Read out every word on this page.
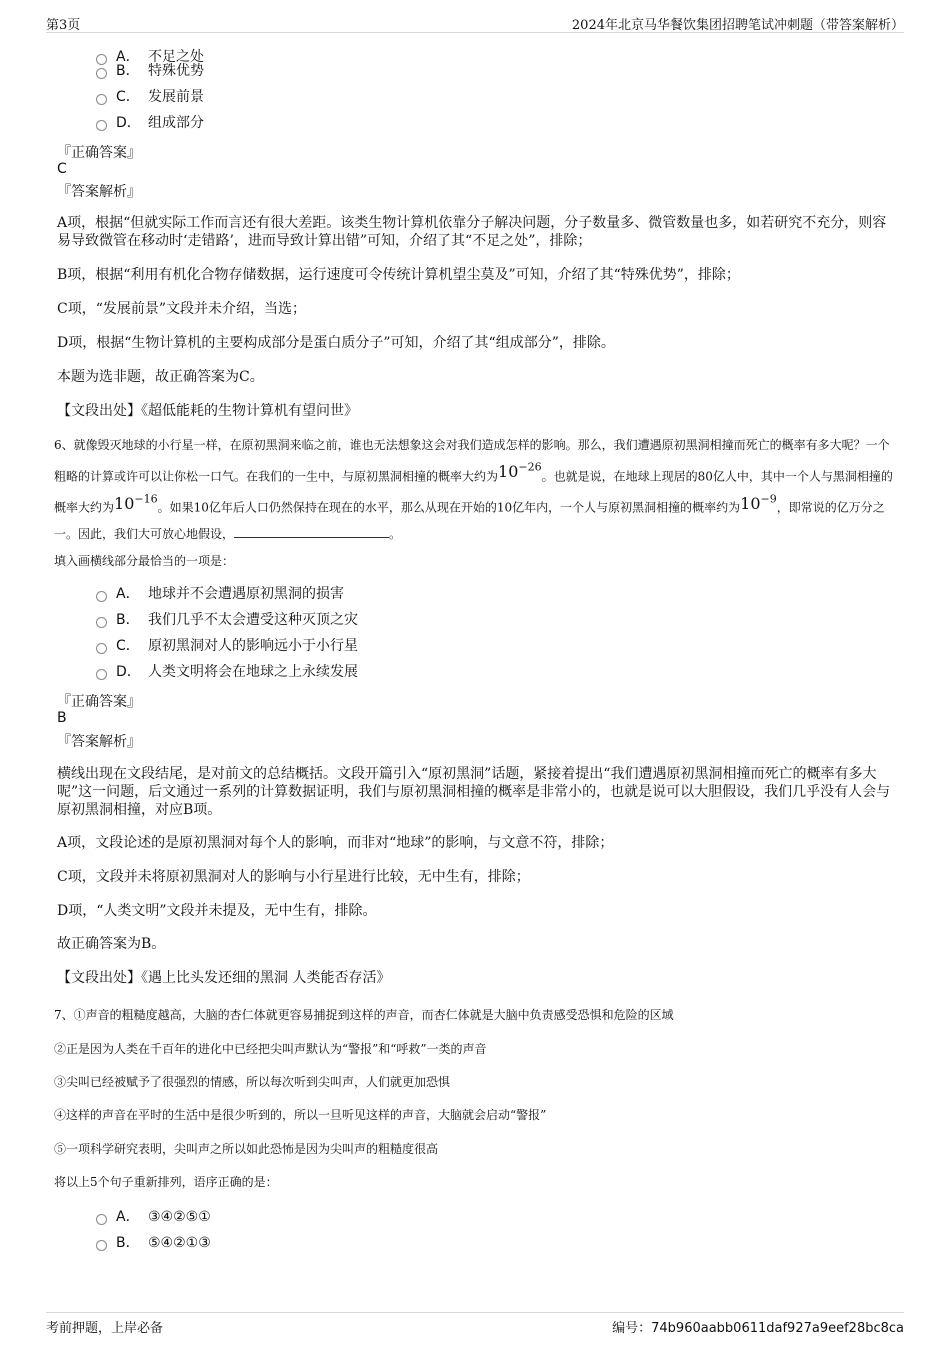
第3页	2024年北京马华餐饮集团招聘笔试冲刺题（带答案解析）
A． 不足之处
B． 特殊优势
C． 发展前景
D． 组成部分
『正确答案』
C
『答案解析』
A项，根据“但就实际工作而言还有很大差距。该类生物计算机依靠分子解决问题，分子数量多、微管数量也多，如若研究不充分，则容易导致微管在移动时‘走错路’，进而导致计算出错”可知，介绍了其“不足之处”，排除；
B项，根据“利用有机化合物存储数据，运行速度可令传统计算机望尘莫及”可知，介绍了其“特殊优势”，排除；
C项，“发展前景”文段并未介绍，当选；
D项，根据“生物计算机的主要构成部分是蛋白质分子”可知，介绍了其“组成部分”，排除。
本题为选非题，故正确答案为C。
【文段出处】《超低能耗的生物计算机有望问世》
6、就像毁灭地球的小行星一样，在原初黑洞来临之前，谁也无法想象这会对我们造成怎样的影响。那么，我们遭遇原初黑洞相撞而死亡的概率有多大呢？一个粗略的计算或许可以让你松一口气。在我们的一生中，与原初黑洞相撞的概率大约为$10^{-26}$。也就是说，在地球上现居的80亿人中，其中一个人与黑洞相撞的概率大约为$10^{-16}$。如果10亿年后人口仍然保持在现在的水平，那么从现在开始的10亿年内，一个人与原初黑洞相撞的概率约为$10^{-9}$，即常说的亿万分之一。因此，我们大可放心地假设，	。
填入画横线部分最恰当的一项是：
A． 地球并不会遭遇原初黑洞的损害
B． 我们几乎不太会遭受这种灭顶之灾
C． 原初黑洞对人的影响远小于小行星
D． 人类文明将会在地球之上永续发展
『正确答案』
B
『答案解析』
横线出现在文段结尾，是对前文的总结概括。文段开篇引入“原初黑洞”话题，紧接着提出“我们遭遇原初黑洞相撞而死亡的概率有多大呢”这一问题，后文通过一系列的计算数据证明，我们与原初黑洞相撞的概率是非常小的，也就是说可以大胆假设，我们几乎没有人会与原初黑洞相撞，对应B项。
A项，文段论述的是原初黑洞对每个人的影响，而非对“地球”的影响，与文意不符，排除；
C项，文段并未将原初黑洞对人的影响与小行星进行比较，无中生有，排除；
D项，“人类文明”文段并未提及，无中生有，排除。
故正确答案为B。
【文段出处】《遇上比头发还细的黑洞 人类能否存活》
7、①声音的粗糙度越高，大脑的杏仁体就更容易捕捉到这样的声音，而杏仁体就是大脑中负责感受恐惧和危险的区域
②正是因为人类在千百年的进化中已经把尖叫声默认为“警报”和“呼救”一类的声音
③尖叫已经被赋予了很强烈的情感，所以每次听到尖叫声，人们就更加恐惧
④这样的声音在平时的生活中是很少听到的，所以一旦听见这样的声音，大脑就会启动“警报”
⑤一项科学研究表明，尖叫声之所以如此恐怖是因为尖叫声的粗糙度很高
将以上5个句子重新排列，语序正确的是：
A． ③④②⑤①
B． ⑤④②①③
考前押题，上岸必备	编号：74b960aabb0611daf927a9eef28bc8ca
